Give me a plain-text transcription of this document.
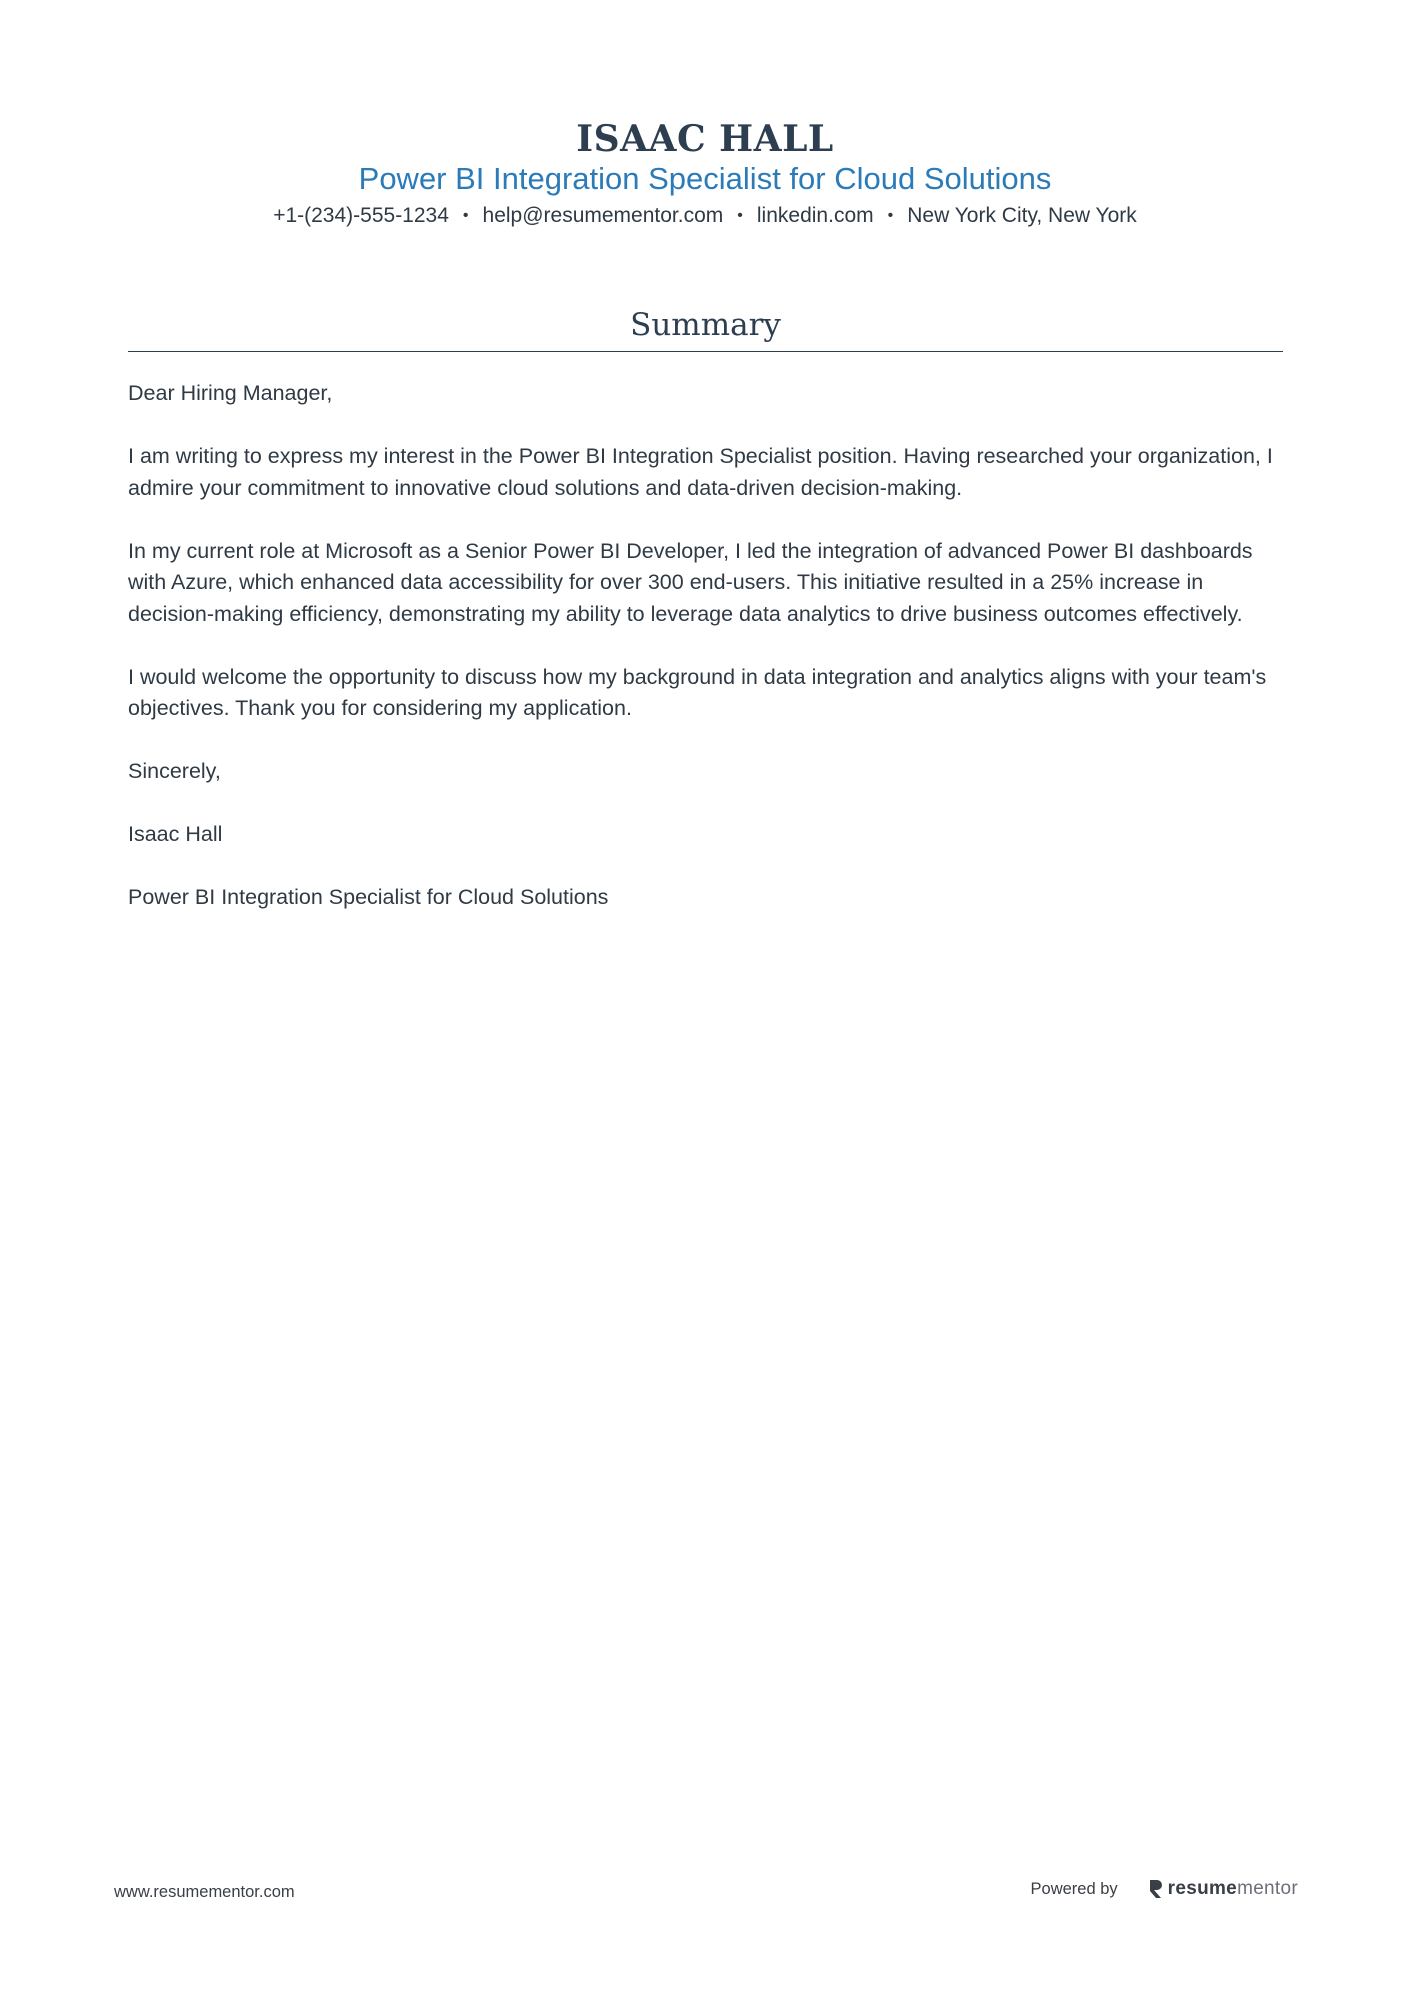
ISAAC HALL
Power BI Integration Specialist for Cloud Solutions
+1-(234)-555-1234 • help@resumementor.com • linkedin.com • New York City, New York
Summary

Dear Hiring Manager,

I am writing to express my interest in the Power BI Integration Specialist position. Having researched your organization, I admire your commitment to innovative cloud solutions and data-driven decision-making.

In my current role at Microsoft as a Senior Power BI Developer, I led the integration of advanced Power BI dashboards with Azure, which enhanced data accessibility for over 300 end-users. This initiative resulted in a 25% increase in decision-making efficiency, demonstrating my ability to leverage data analytics to drive business outcomes effectively.

I would welcome the opportunity to discuss how my background in data integration and analytics aligns with your team's objectives. Thank you for considering my application.

Sincerely,

Isaac Hall

Power BI Integration Specialist for Cloud Solutions

www.resumementor.com	Powered by	resume mentor
